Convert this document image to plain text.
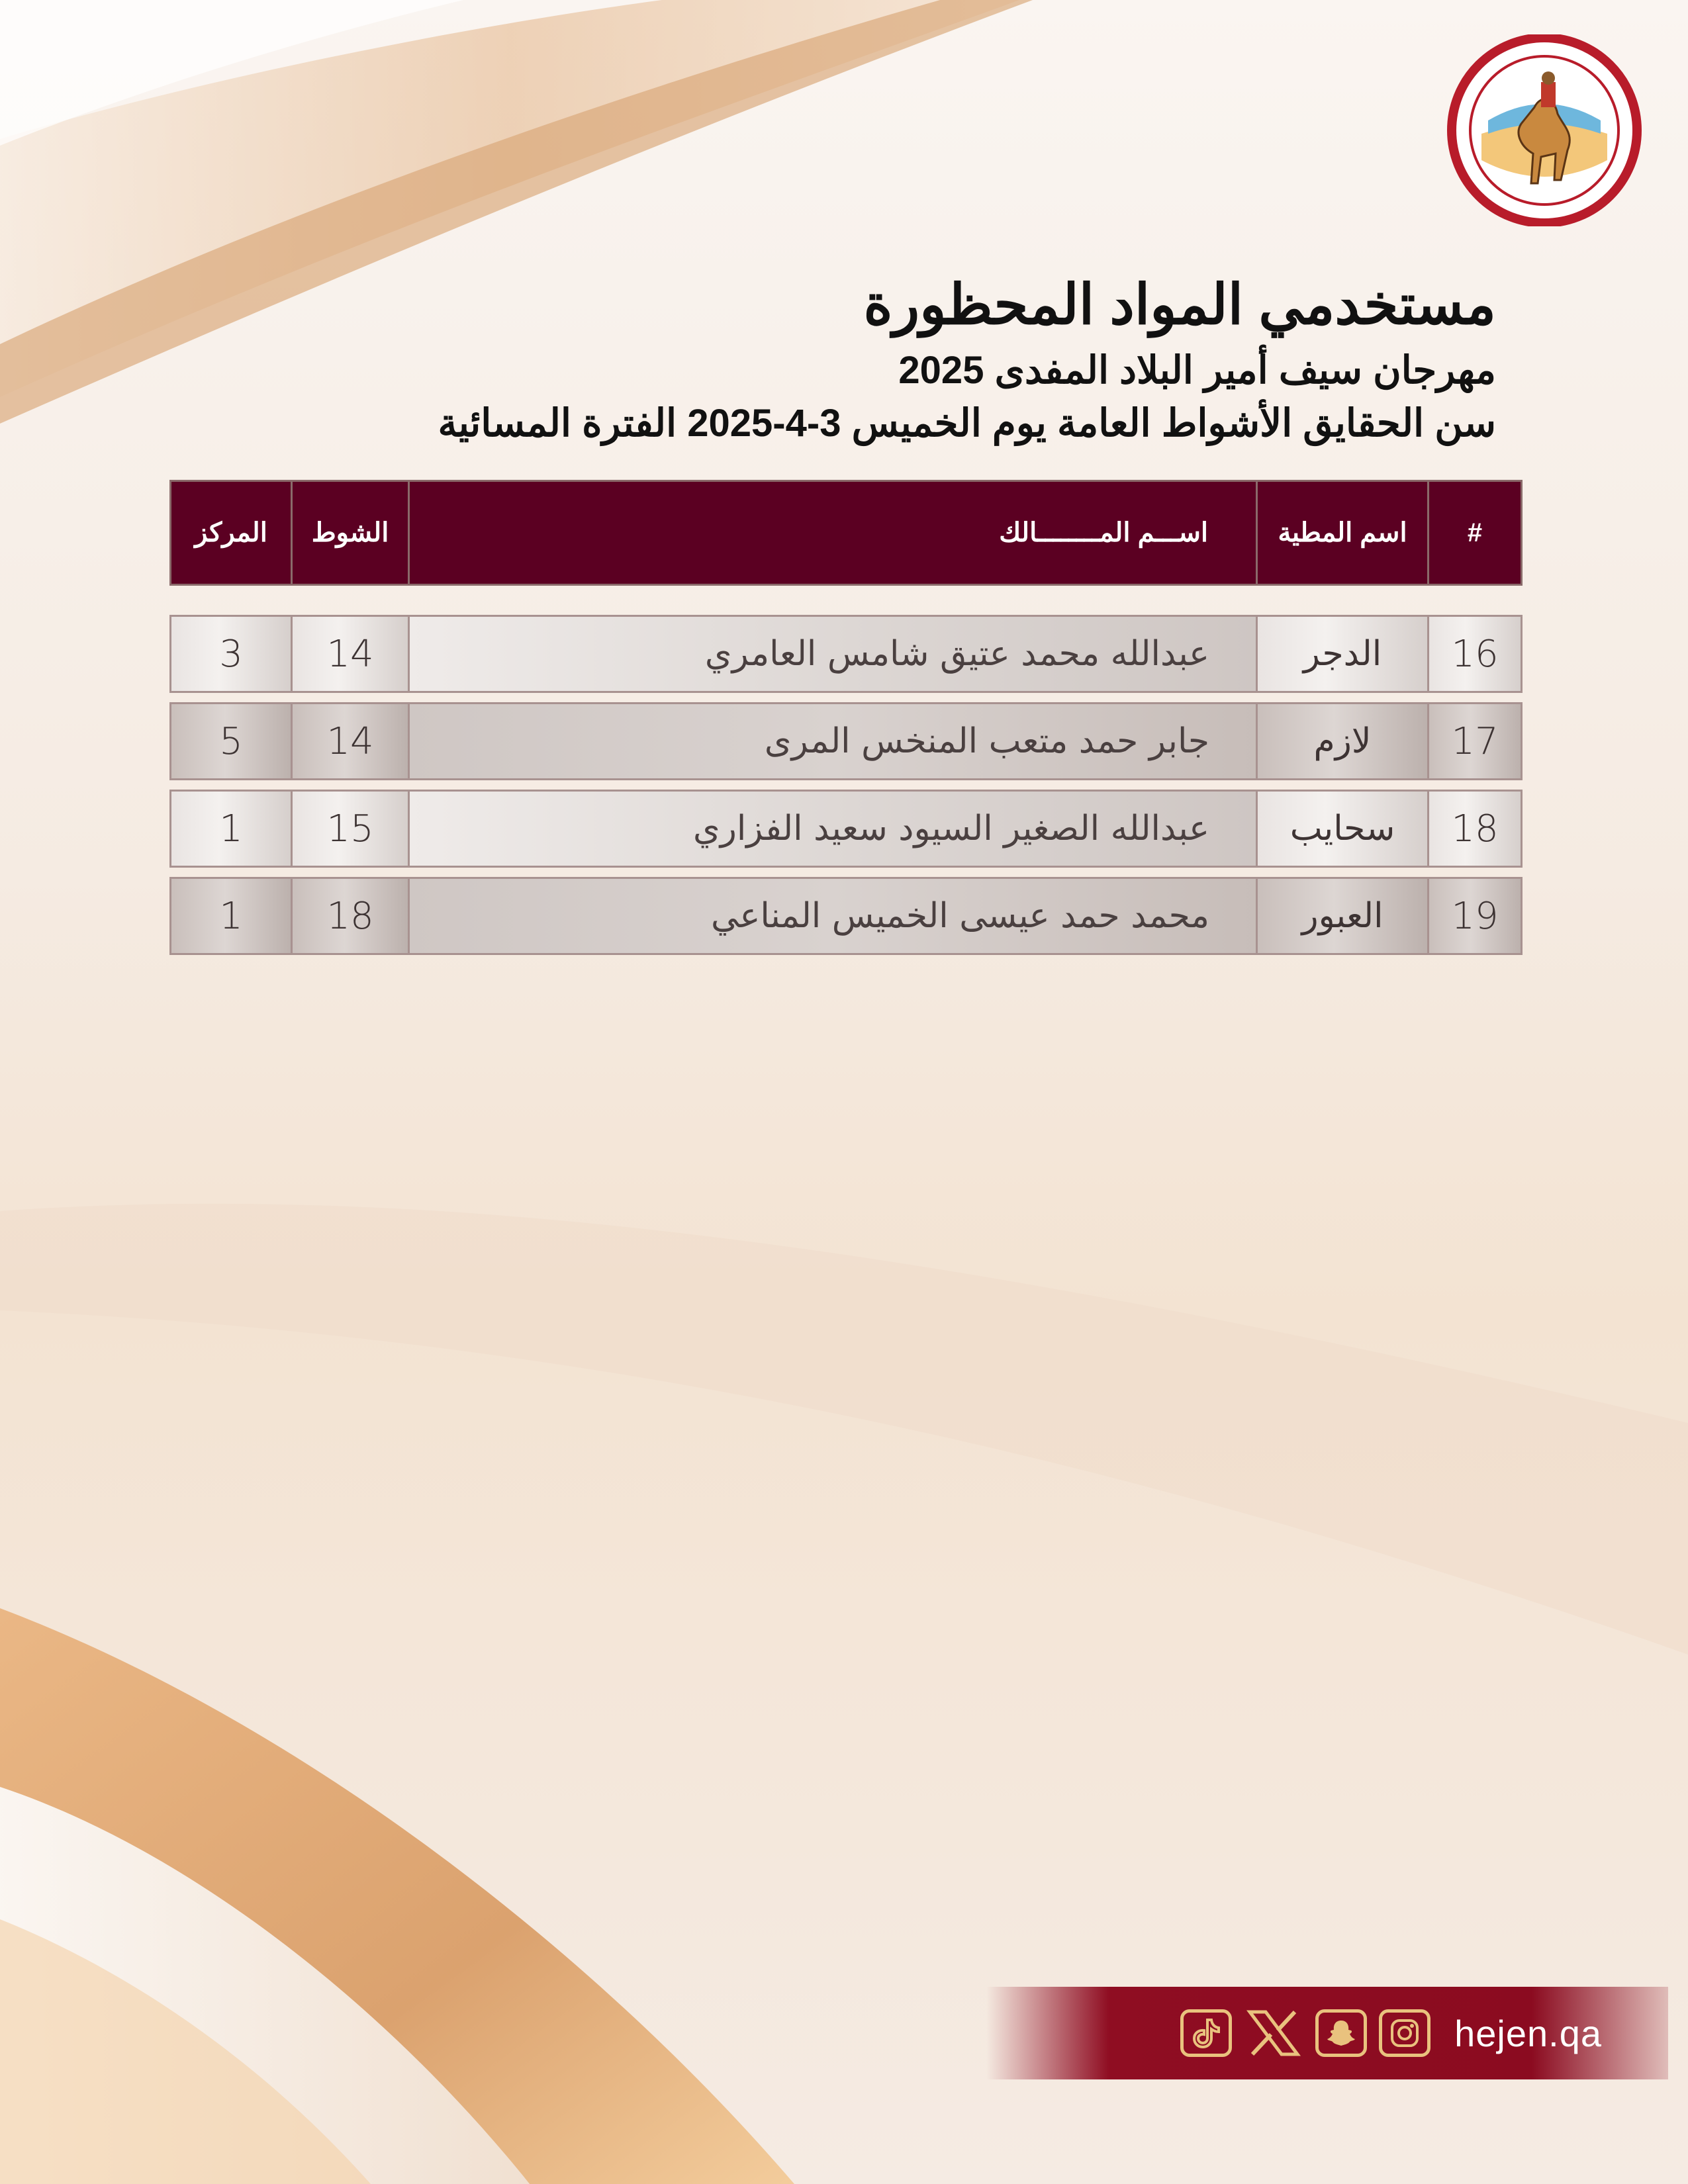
مستخدمي المواد المحظورة

مهرجان سيف أمير البلاد المفدى 2025

سن الحقايق الأشواط العامة يوم الخميس 3-4-2025 الفترة المسائية

#
اسم المطية
اســـم المــــــــالك
الشوط
المركز
16
الدجر
عبدالله محمد عتيق شامس العامري
14
3
17
لازم
جابر حمد متعب المنخس المرى
14
5
18
سحايب
عبدالله الصغير السيود سعيد الفزاري
15
1
19
العبور
محمد حمد عيسى الخميس المناعي
18
1
hejen.qa
